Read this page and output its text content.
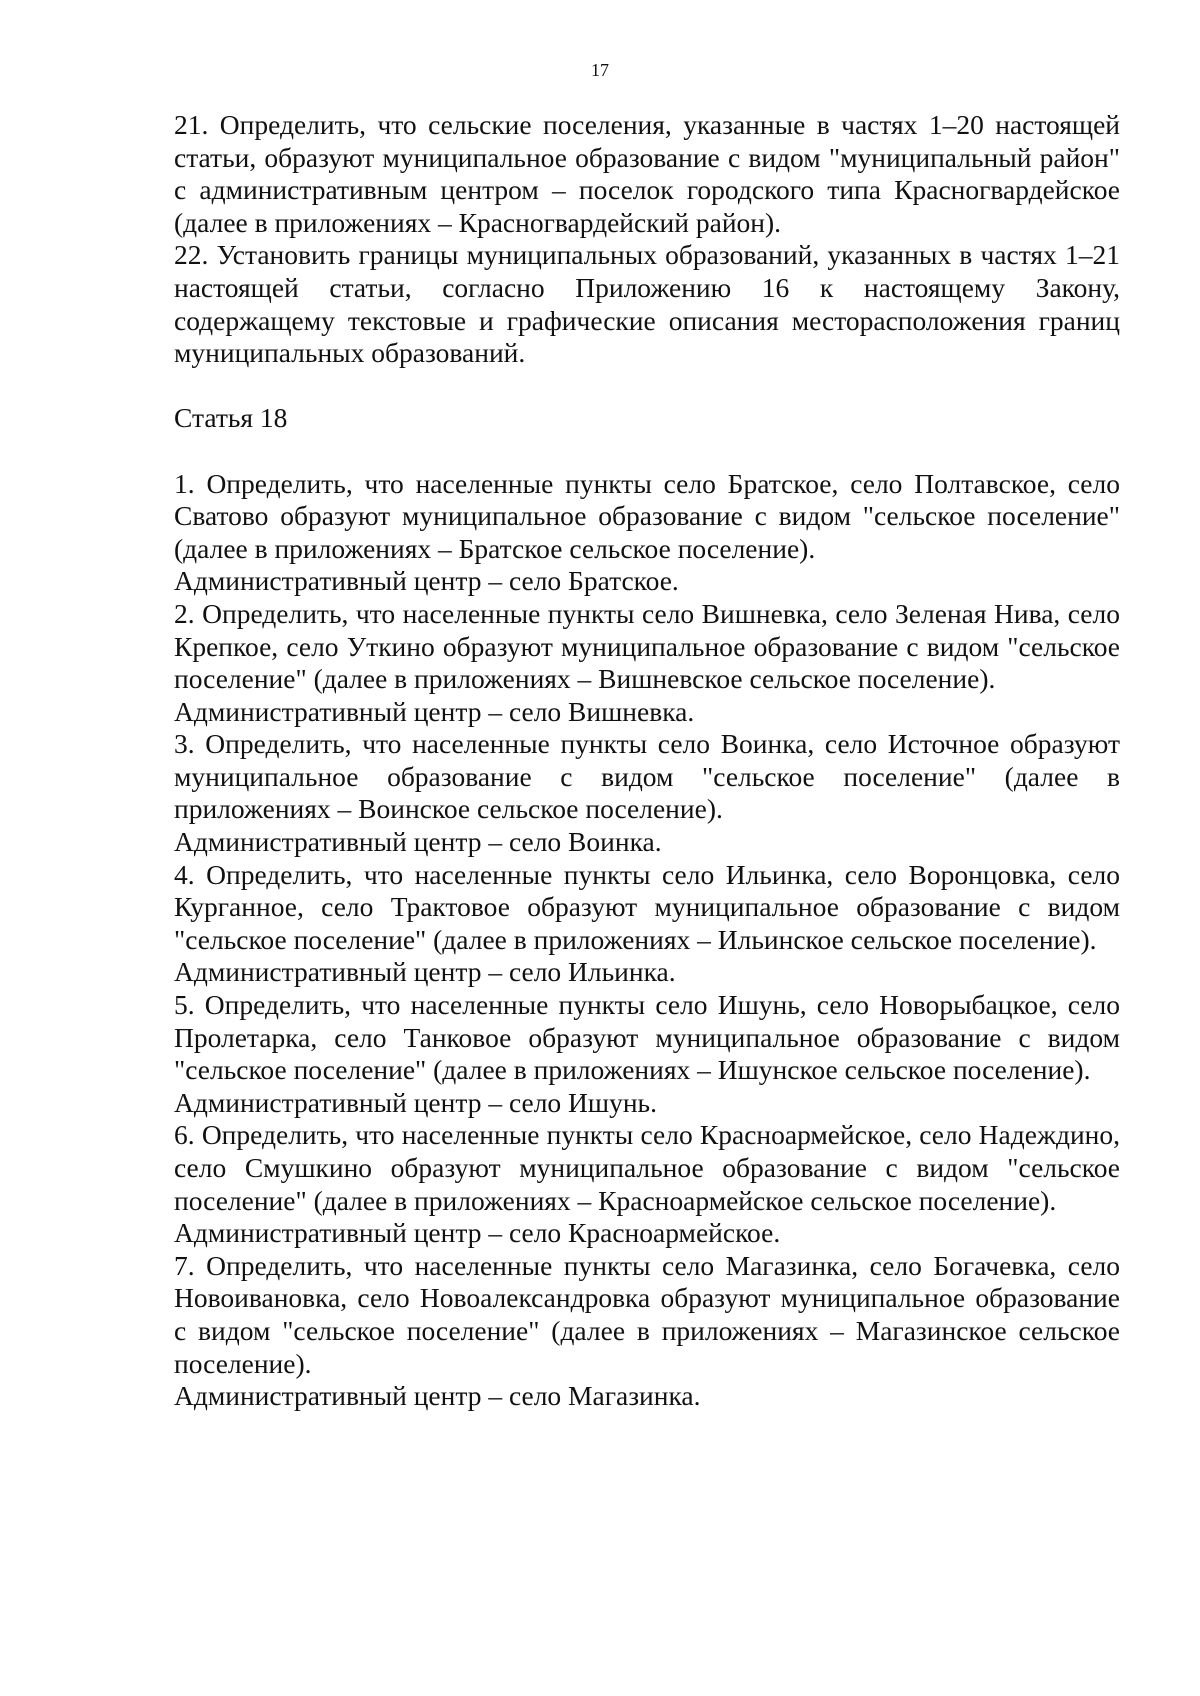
17

21. Определить, что сельские поселения, указанные в частях 1–20 настоящей статьи, образуют муниципальное образование с видом "муниципальный район" с административным центром – поселок городского типа Красногвардейское (далее в приложениях – Красногвардейский район).

22. Установить границы муниципальных образований, указанных в частях 1–21 настоящей статьи, согласно Приложению 16 к настоящему Закону, содержащему текстовые и графические описания месторасположения границ муниципальных образований.

Статья 18

1. Определить, что населенные пункты село Братское, село Полтавское, село Сватово образуют муниципальное образование с видом "сельское поселение" (далее в приложениях – Братское сельское поселение).

Административный центр – село Братское.

2. Определить, что населенные пункты село Вишневка, село Зеленая Нива, село Крепкое, село Уткино образуют муниципальное образование с видом "сельское поселение" (далее в приложениях – Вишневское сельское поселение).

Административный центр – село Вишневка.

3. Определить, что населенные пункты село Воинка, село Источное образуют муниципальное образование с видом "сельское поселение" (далее в приложениях – Воинское сельское поселение).

Административный центр – село Воинка.

4. Определить, что населенные пункты село Ильинка, село Воронцовка, село Курганное, село Трактовое образуют муниципальное образование с видом "сельское поселение" (далее в приложениях – Ильинское сельское поселение).

Административный центр – село Ильинка.

5. Определить, что населенные пункты село Ишунь, село Новорыбацкое, село Пролетарка, село Танковое образуют муниципальное образование с видом "сельское поселение" (далее в приложениях – Ишунское сельское поселение).

Административный центр – село Ишунь.

6. Определить, что населенные пункты село Красноармейское, село Надеждино, село Смушкино образуют муниципальное образование с видом "сельское поселение" (далее в приложениях – Красноармейское сельское поселение).

Административный центр – село Красноармейское.

7. Определить, что населенные пункты село Магазинка, село Богачевка, село Новоивановка, село Новоалександровка образуют муниципальное образование с видом "сельское поселение" (далее в приложениях – Магазинское сельское поселение).

Административный центр – село Магазинка.
